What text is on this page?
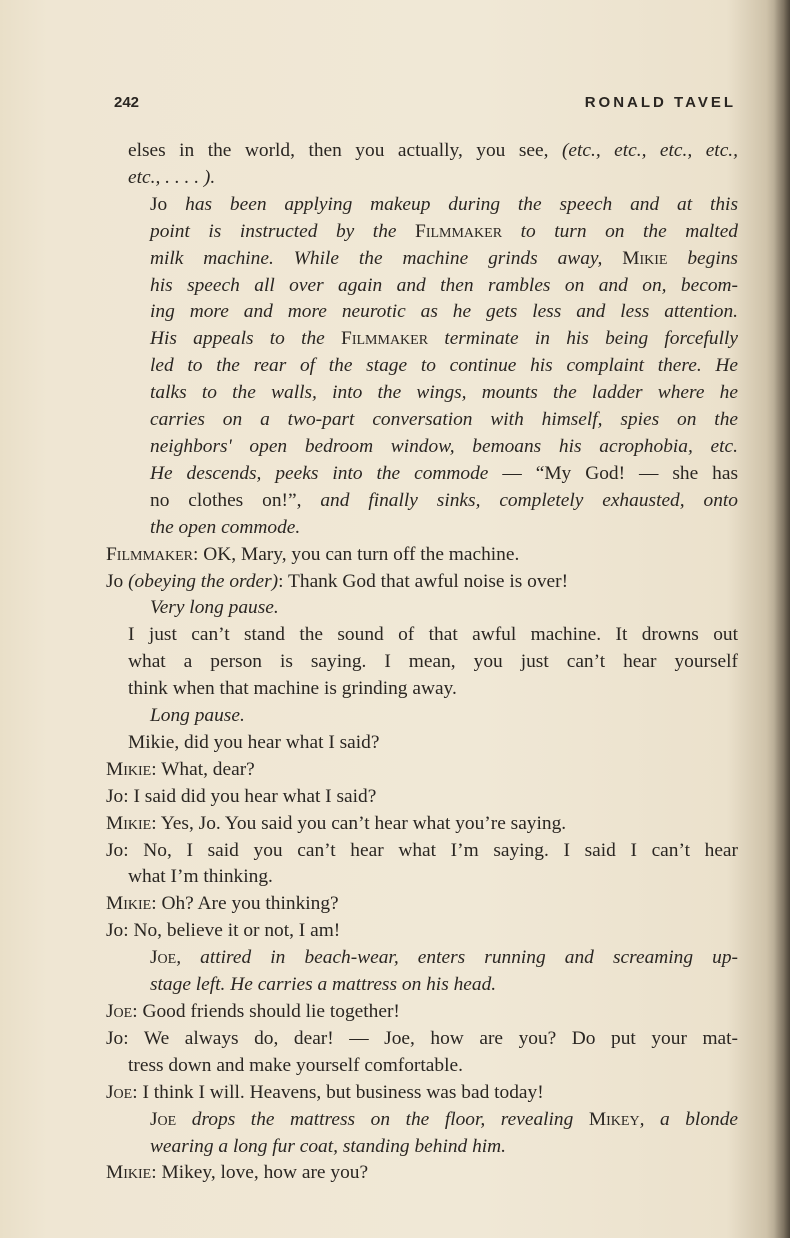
242	RONALD TAVEL
elses in the world, then you actually, you see, (etc., etc., etc., etc.,
etc., . . . . ).
Jo has been applying makeup during the speech and at this
point is instructed by the Filmmaker to turn on the malted
milk machine. While the machine grinds away, Mikie begins
his speech all over again and then rambles on and on, becom-
ing more and more neurotic as he gets less and less attention.
His appeals to the Filmmaker terminate in his being forcefully
led to the rear of the stage to continue his complaint there. He
talks to the walls, into the wings, mounts the ladder where he
carries on a two-part conversation with himself, spies on the
neighbors' open bedroom window, bemoans his acrophobia, etc.
He descends, peeks into the commode — “My God! — she has
no clothes on!”, and finally sinks, completely exhausted, onto
the open commode.
Filmmaker: OK, Mary, you can turn off the machine.
Jo (obeying the order): Thank God that awful noise is over!
Very long pause.
I just can’t stand the sound of that awful machine. It drowns out
what a person is saying. I mean, you just can’t hear yourself
think when that machine is grinding away.
Long pause.
Mikie, did you hear what I said?
Mikie: What, dear?
Jo: I said did you hear what I said?
Mikie: Yes, Jo. You said you can’t hear what you’re saying.
Jo: No, I said you can’t hear what I’m saying. I said I can’t hear
what I’m thinking.
Mikie: Oh? Are you thinking?
Jo: No, believe it or not, I am!
Joe, attired in beach-wear, enters running and screaming up-
stage left. He carries a mattress on his head.
Joe: Good friends should lie together!
Jo: We always do, dear! — Joe, how are you? Do put your mat-
tress down and make yourself comfortable.
Joe: I think I will. Heavens, but business was bad today!
Joe drops the mattress on the floor, revealing Mikey, a blonde
wearing a long fur coat, standing behind him.
Mikie: Mikey, love, how are you?
